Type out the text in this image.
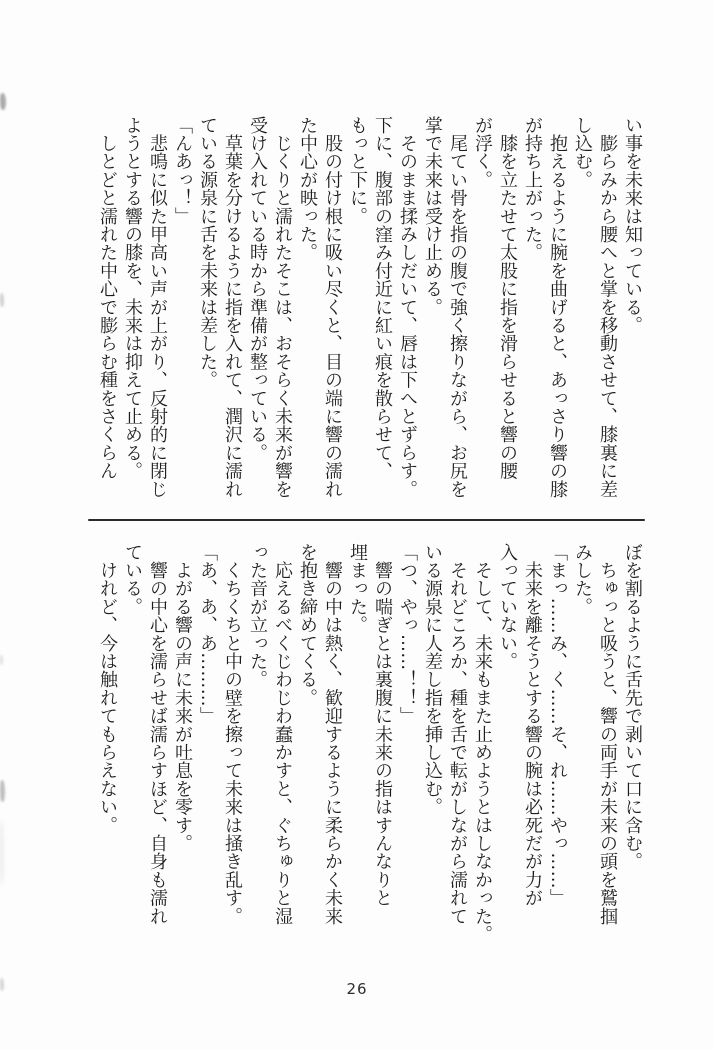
い事を未来は知っている。
　膨らみから腰へと掌を移動させて、膝裏に差
し込む。
　抱えるように腕を曲げると、あっさり響の膝
が持ち上がった。
　膝を立たせて太股に指を滑らせると響の腰
が浮く。
　尾てい骨を指の腹で強く擦りながら、お尻を
掌で未来は受け止める。
　そのまま揉みしだいて、唇は下へとずらす。
下に、腹部の窪み付近に紅い痕を散らせて、
もっと下に。
　股の付け根に吸い尽くと、目の端に響の濡れ
た中心が映った。
　じくりと濡れたそこは、おそらく未来が響を
受け入れている時から準備が整っている。
　草葉を分けるように指を入れて、潤沢に濡れ
ている源泉に舌を未来は差した。
「んあっ！」
　悲鳴に似た甲高い声が上がり、反射的に閉じ
ようとする響の膝を、未来は抑えて止める。
　しとどと濡れた中心で膨らむ種をさくらん
ぼを割るように舌先で剥いて口に含む。
　ちゅっと吸うと、響の両手が未来の頭を鷲掴
みした。
「まっ……み、く……そ、れ……やっ……」
　未来を離そうとする響の腕は必死だが力が
入っていない。
　そして、未来もまた止めようとはしなかった。
　それどころか、種を舌で転がしながら濡れて
いる源泉に人差し指を挿し込む。
「つ、やっ……！！」
　響の喘ぎとは裏腹に未来の指はすんなりと
埋まった。
　響の中は熱く、歓迎するように柔らかく未来
を抱き締めてくる。
　応えるべくじわじわ蠢かすと、ぐちゅりと湿
った音が立った。
　くちくちと中の壁を擦って未来は掻き乱す。
「あ、あ、あ………」
　よがる響の声に未来が吐息を零す。
　響の中心を濡らせば濡らすほど、自身も濡れ
ている。
　けれど、今は触れてもらえない。
26
